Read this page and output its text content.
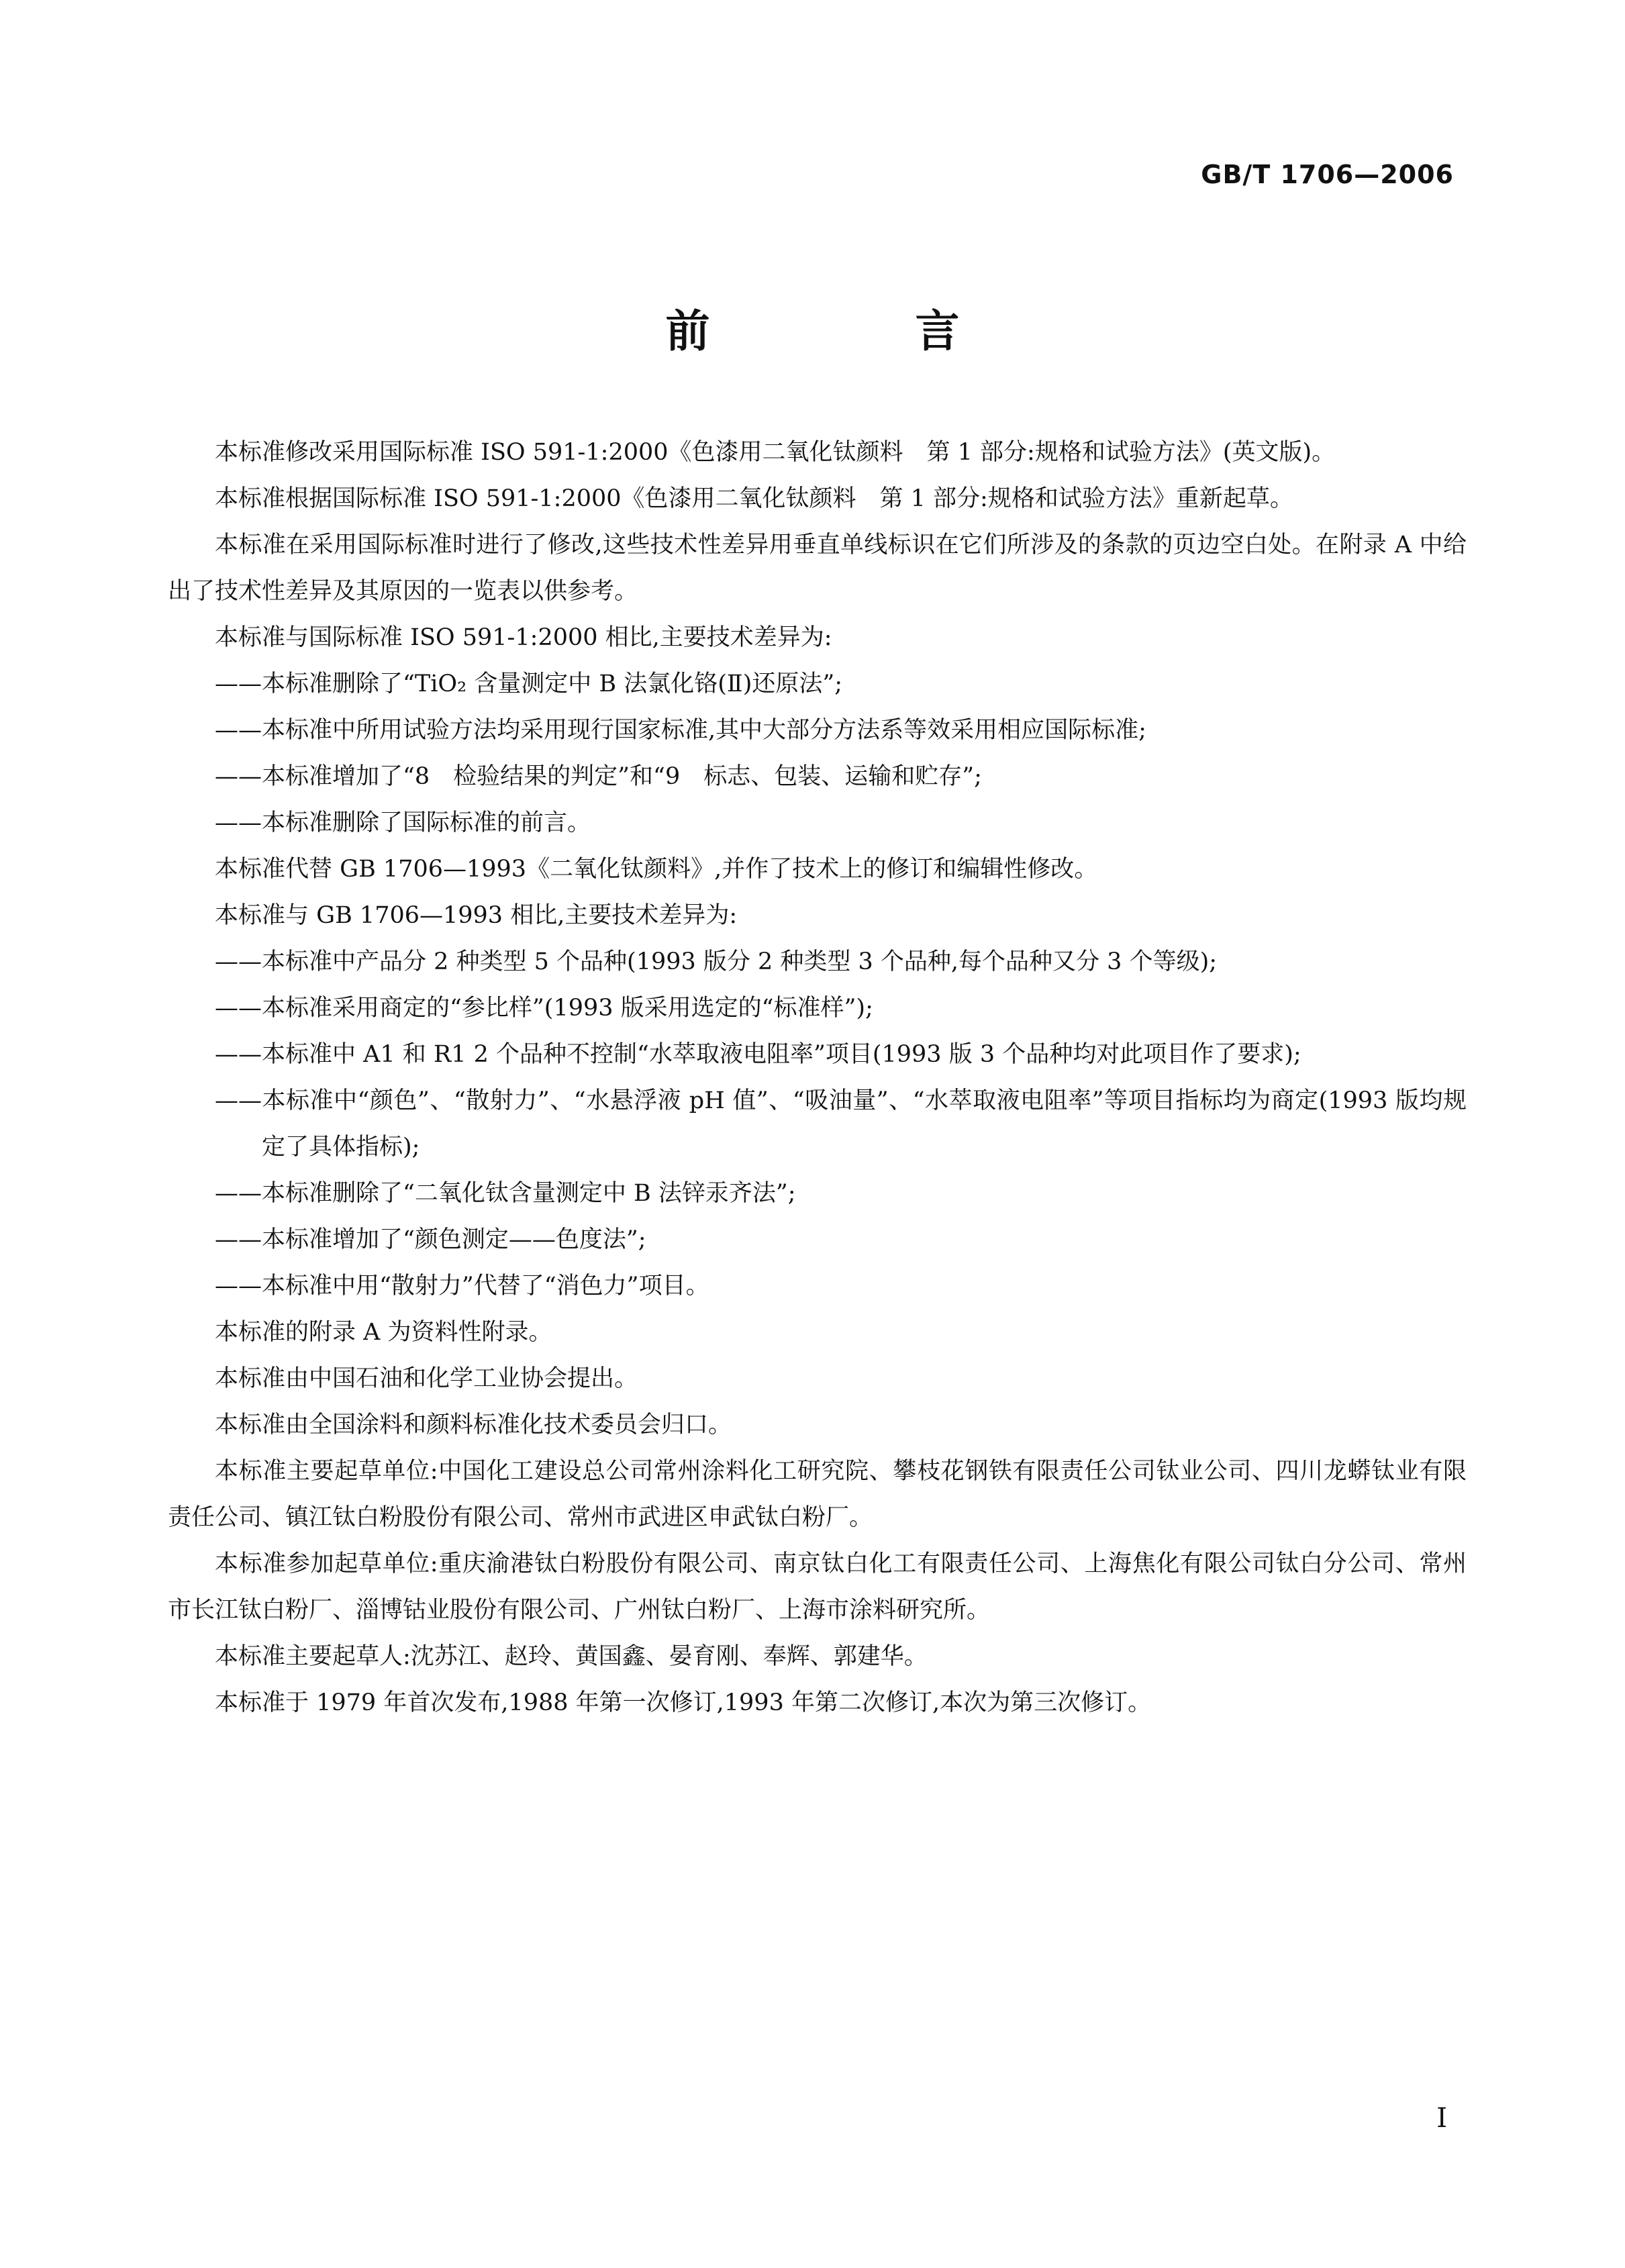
GB/T 1706—2006
前　言

本标准修改采用国际标准 ISO 591-1:2000《色漆用二氧化钛颜料　第 1 部分:规格和试验方法》(英文版)。

本标准根据国际标准 ISO 591-1:2000《色漆用二氧化钛颜料　第 1 部分:规格和试验方法》重新起草。

本标准在采用国际标准时进行了修改,这些技术性差异用垂直单线标识在它们所涉及的条款的页边空白处。在附录 A 中给出了技术性差异及其原因的一览表以供参考。

本标准与国际标准 ISO 591-1:2000 相比,主要技术差异为:

——本标准删除了“TiO₂ 含量测定中 B 法氯化铬(Ⅱ)还原法”;

——本标准中所用试验方法均采用现行国家标准,其中大部分方法系等效采用相应国际标准;

——本标准增加了“8　检验结果的判定”和“9　标志、包装、运输和贮存”;

——本标准删除了国际标准的前言。

本标准代替 GB 1706—1993《二氧化钛颜料》,并作了技术上的修订和编辑性修改。

本标准与 GB 1706—1993 相比,主要技术差异为:

——本标准中产品分 2 种类型 5 个品种(1993 版分 2 种类型 3 个品种,每个品种又分 3 个等级);

——本标准采用商定的“参比样”(1993 版采用选定的“标准样”);

——本标准中 A1 和 R1 2 个品种不控制“水萃取液电阻率”项目(1993 版 3 个品种均对此项目作了要求);

——本标准中“颜色”、“散射力”、“水悬浮液 pH 值”、“吸油量”、“水萃取液电阻率”等项目指标均为商定(1993 版均规定了具体指标);

——本标准删除了“二氧化钛含量测定中 B 法锌汞齐法”;

——本标准增加了“颜色测定——色度法”;

——本标准中用“散射力”代替了“消色力”项目。

本标准的附录 A 为资料性附录。

本标准由中国石油和化学工业协会提出。

本标准由全国涂料和颜料标准化技术委员会归口。

本标准主要起草单位:中国化工建设总公司常州涂料化工研究院、攀枝花钢铁有限责任公司钛业公司、四川龙蟒钛业有限责任公司、镇江钛白粉股份有限公司、常州市武进区申武钛白粉厂。

本标准参加起草单位:重庆渝港钛白粉股份有限公司、南京钛白化工有限责任公司、上海焦化有限公司钛白分公司、常州市长江钛白粉厂、淄博钴业股份有限公司、广州钛白粉厂、上海市涂料研究所。

本标准主要起草人:沈苏江、赵玲、黄国鑫、晏育刚、奉辉、郭建华。

本标准于 1979 年首次发布,1988 年第一次修订,1993 年第二次修订,本次为第三次修订。

I
